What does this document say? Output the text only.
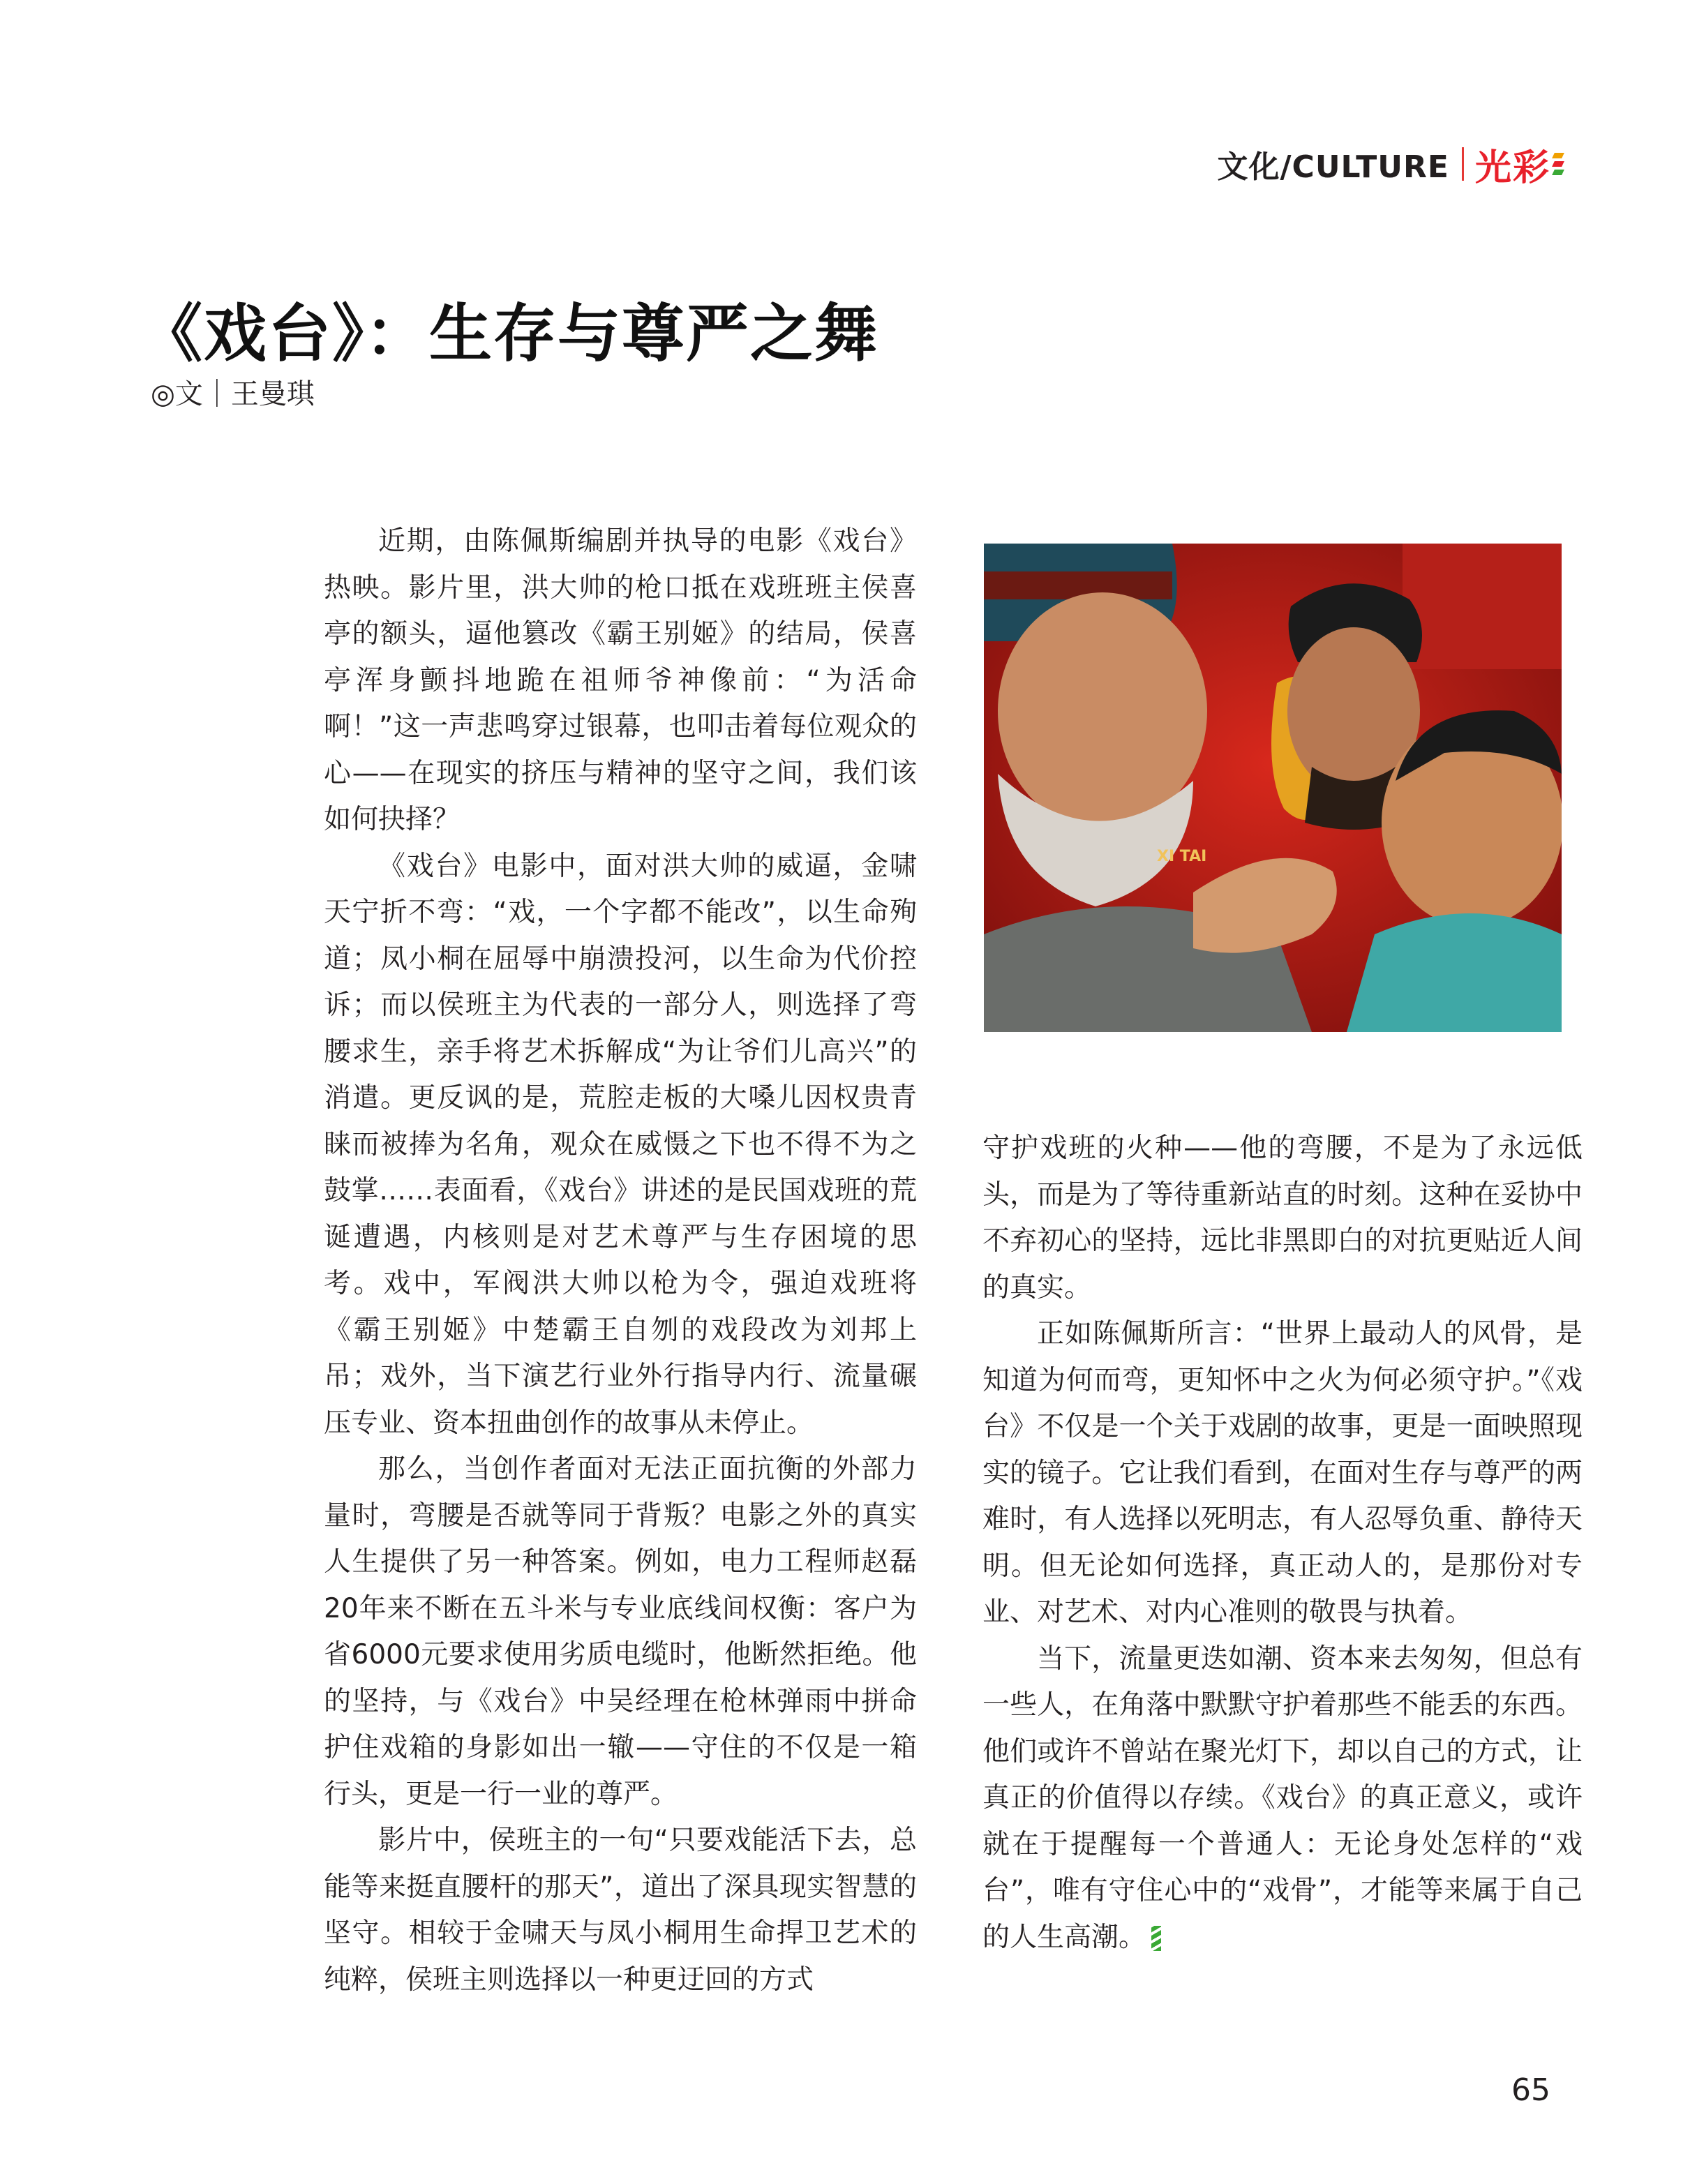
文化/CULTURE 光彩
《戏台》：生存与尊严之舞
◎文｜王曼琪

近期，由陈佩斯编剧并执导的电影《戏台》热映。影片里，洪大帅的枪口抵在戏班班主侯喜亭的额头，逼他篡改《霸王别姬》的结局，侯喜亭浑身颤抖地跪在祖师爷神像前：“为活命啊！”这一声悲鸣穿过银幕，也叩击着每位观众的心——在现实的挤压与精神的坚守之间，我们该如何抉择？

《戏台》电影中，面对洪大帅的威逼，金啸天宁折不弯：“戏，一个字都不能改”，以生命殉道；凤小桐在屈辱中崩溃投河，以生命为代价控诉；而以侯班主为代表的一部分人，则选择了弯腰求生，亲手将艺术拆解成“为让爷们儿高兴”的消遣。更反讽的是，荒腔走板的大嗓儿因权贵青睐而被捧为名角，观众在威慑之下也不得不为之鼓掌……表面看，《戏台》讲述的是民国戏班的荒诞遭遇，内核则是对艺术尊严与生存困境的思考。戏中，军阀洪大帅以枪为令，强迫戏班将《霸王别姬》中楚霸王自刎的戏段改为刘邦上吊；戏外，当下演艺行业外行指导内行、流量碾压专业、资本扭曲创作的故事从未停止。

那么，当创作者面对无法正面抗衡的外部力量时，弯腰是否就等同于背叛？电影之外的真实人生提供了另一种答案。例如，电力工程师赵磊20年来不断在五斗米与专业底线间权衡：客户为省6000元要求使用劣质电缆时，他断然拒绝。他的坚持，与《戏台》中吴经理在枪林弹雨中拼命护住戏箱的身影如出一辙——守住的不仅是一箱行头，更是一行一业的尊严。

影片中，侯班主的一句“只要戏能活下去，总能等来挺直腰杆的那天”，道出了深具现实智慧的坚守。相较于金啸天与凤小桐用生命捍卫艺术的纯粹，侯班主则选择以一种更迂回的方式

XI TAI

守护戏班的火种——他的弯腰，不是为了永远低头，而是为了等待重新站直的时刻。这种在妥协中不弃初心的坚持，远比非黑即白的对抗更贴近人间的真实。

正如陈佩斯所言：“世界上最动人的风骨，是知道为何而弯，更知怀中之火为何必须守护。”《戏台》不仅是一个关于戏剧的故事，更是一面映照现实的镜子。它让我们看到，在面对生存与尊严的两难时，有人选择以死明志，有人忍辱负重、静待天明。但无论如何选择，真正动人的，是那份对专业、对艺术、对内心准则的敬畏与执着。

当下，流量更迭如潮、资本来去匆匆，但总有一些人，在角落中默默守护着那些不能丢的东西。他们或许不曾站在聚光灯下，却以自己的方式，让真正的价值得以存续。《戏台》的真正意义，或许就在于提醒每一个普通人：无论身处怎样的“戏台”，唯有守住心中的“戏骨”，才能等来属于自己的人生高潮。

65
